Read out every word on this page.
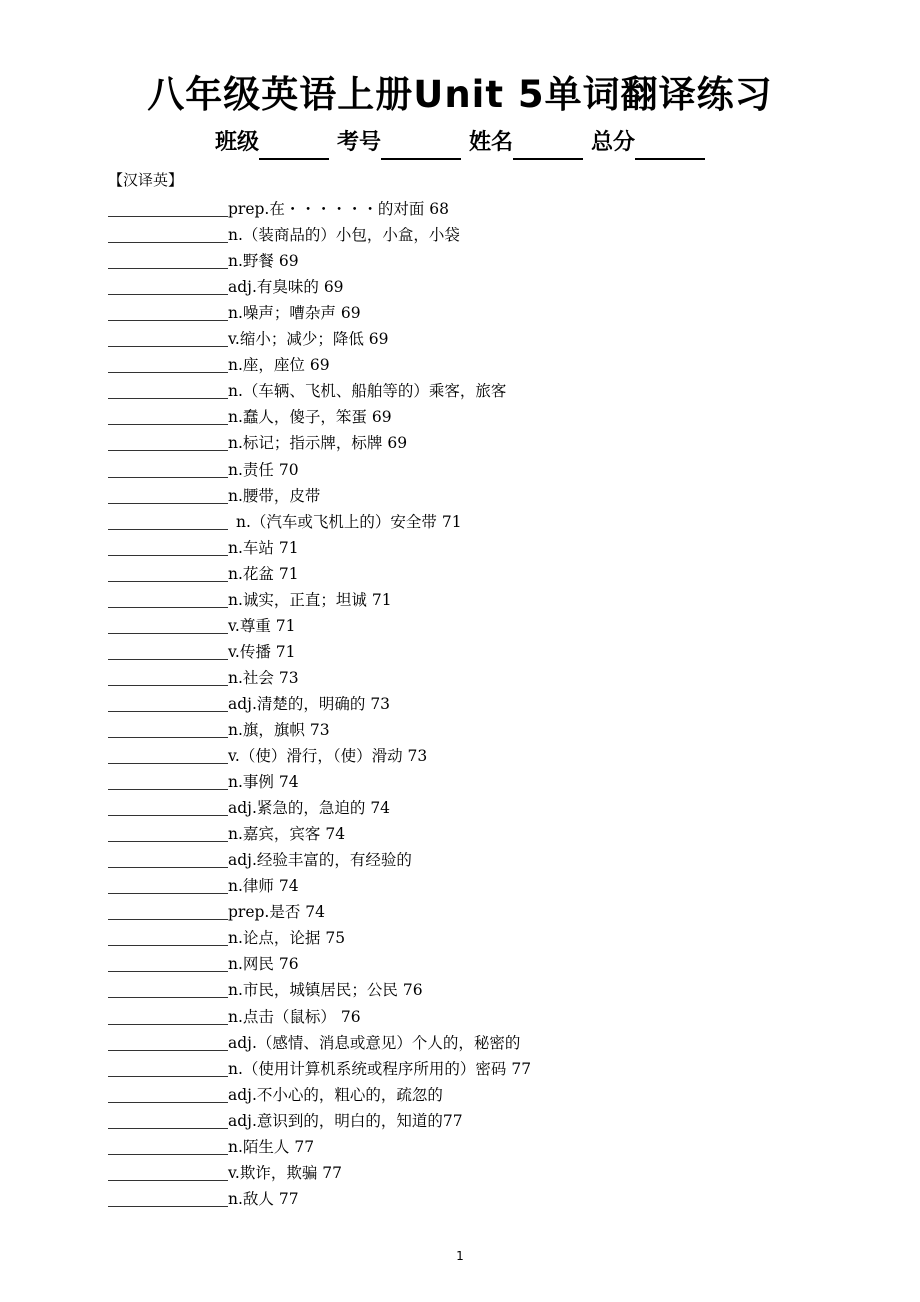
八年级英语上册Unit 5单词翻译练习
班级	考号	姓名	总分
【汉译英】
prep.在・・・・・・的对面 68
n.（装商品的）小包，小盒，小袋
n.野餐 69
adj.有臭味的 69
n.噪声；嘈杂声 69
v.缩小；减少；降低 69
n.座，座位 69
n.（车辆、飞机、船舶等的）乘客，旅客
n.蠢人，傻子，笨蛋 69
n.标记；指示牌，标牌 69
n.责任 70
n.腰带，皮带
n.（汽车或飞机上的）安全带 71
n.车站 71
n.花盆 71
n.诚实，正直；坦诚 71
v.尊重 71
v.传播 71
n.社会 73
adj.清楚的，明确的 73
n.旗，旗帜 73
v.（使）滑行，（使）滑动 73
n.事例 74
adj.紧急的，急迫的 74
n.嘉宾，宾客 74
adj.经验丰富的，有经验的
n.律师 74
prep.是否 74
n.论点，论据 75
n.网民 76
n.市民，城镇居民；公民 76
n.点击（鼠标） 76
adj.（感情、消息或意见）个人的，秘密的
n.（使用计算机系统或程序所用的）密码 77
adj.不小心的，粗心的，疏忽的
adj.意识到的，明白的，知道的77
n.陌生人 77
v.欺诈，欺骗 77
n.敌人 77
1
